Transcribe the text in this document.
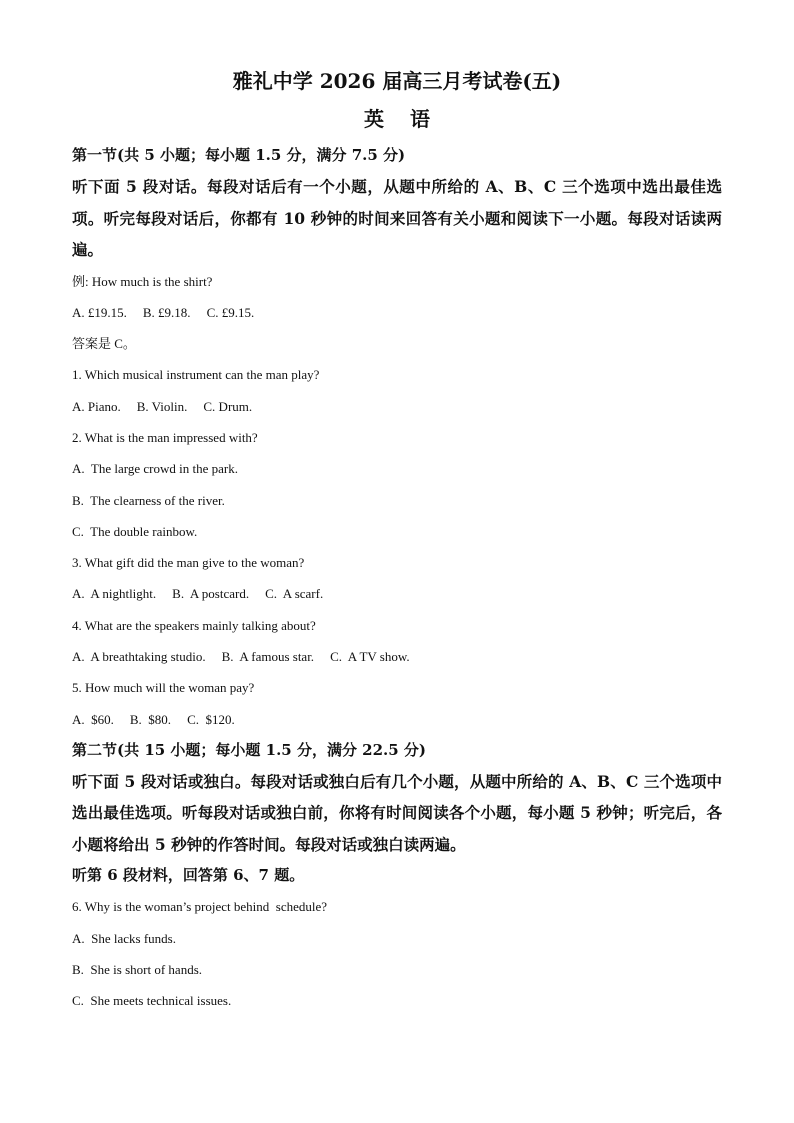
雅礼中学 2026 届高三月考试卷(五)

英语

第一节(共 5 小题；每小题 1.5 分，满分 7.5 分)

听下面 5 段对话。每段对话后有一个小题，从题中所给的 A、B、C 三个选项中选出最佳选项。听完每段对话后，你都有 10 秒钟的时间来回答有关小题和阅读下一小题。每段对话读两遍。

例: How much is the shirt?

A. £19.15. B. £9.18. C. £9.15.

答案是 C。

1. Which musical instrument can the man play?

A. Piano. B. Violin. C. Drum.

2. What is the man impressed with?

A.  The large crowd in the park.

B.  The clearness of the river.

C.  The double rainbow.

3. What gift did the man give to the woman?

A.  A nightlight. B.  A postcard. C.  A scarf.

4. What are the speakers mainly talking about?

A.  A breathtaking studio. B.  A famous star. C.  A TV show.

5. How much will the woman pay?

A.  $60. B.  $80. C.  $120.

第二节(共 15 小题；每小题 1.5 分，满分 22.5 分)

听下面 5 段对话或独白。每段对话或独白后有几个小题，从题中所给的 A、B、C 三个选项中选出最佳选项。听每段对话或独白前，你将有时间阅读各个小题，每小题 5 秒钟；听完后，各小题将给出 5 秒钟的作答时间。每段对话或独白读两遍。

听第 6 段材料，回答第 6、7 题。

6. Why is the woman’s project behind  schedule?

A.  She lacks funds.

B.  She is short of hands.

C.  She meets technical issues.
